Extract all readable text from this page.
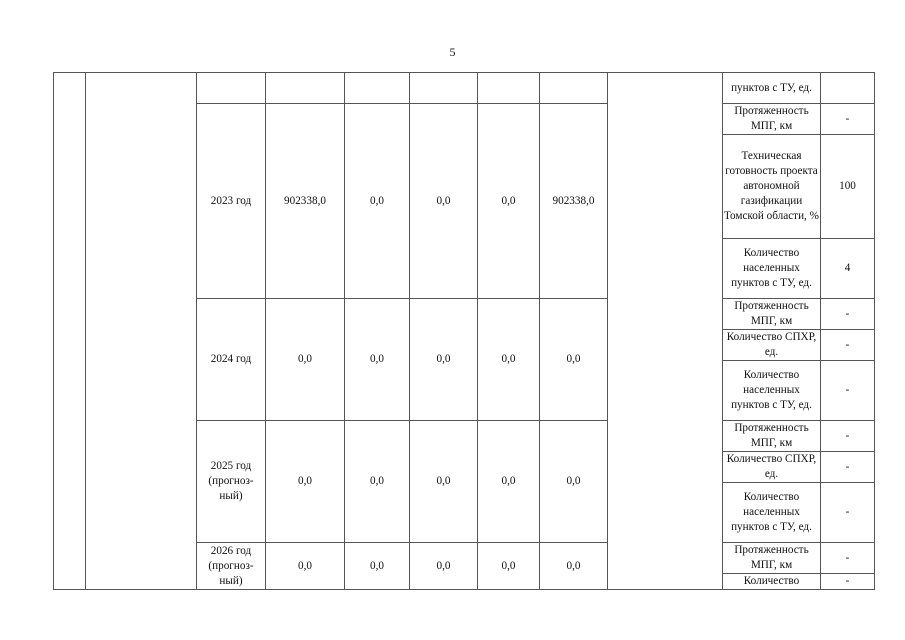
5
									пунктов с ТУ, ед.	
		2023 год	902338,0	0,0	0,0	0,0	902338,0		Протяженность МПГ, км	-
									Техническая готовность проекта автономной газификации Томской области, %	100
									Количество населенных пунктов с ТУ, ед.	4
		2024 год	0,0	0,0	0,0	0,0	0,0		Протяженность МПГ, км	-
									Количество СПХР, ед.	-
									Количество населенных пунктов с ТУ, ед.	-
		2025 год (прогноз-ный)	0,0	0,0	0,0	0,0	0,0		Протяженность МПГ, км	-
									Количество СПХР, ед.	-
									Количество населенных пунктов с ТУ, ед.	-
		2026 год (прогноз-ный)	0,0	0,0	0,0	0,0	0,0		Протяженность МПГ, км	-
									Количество	-
